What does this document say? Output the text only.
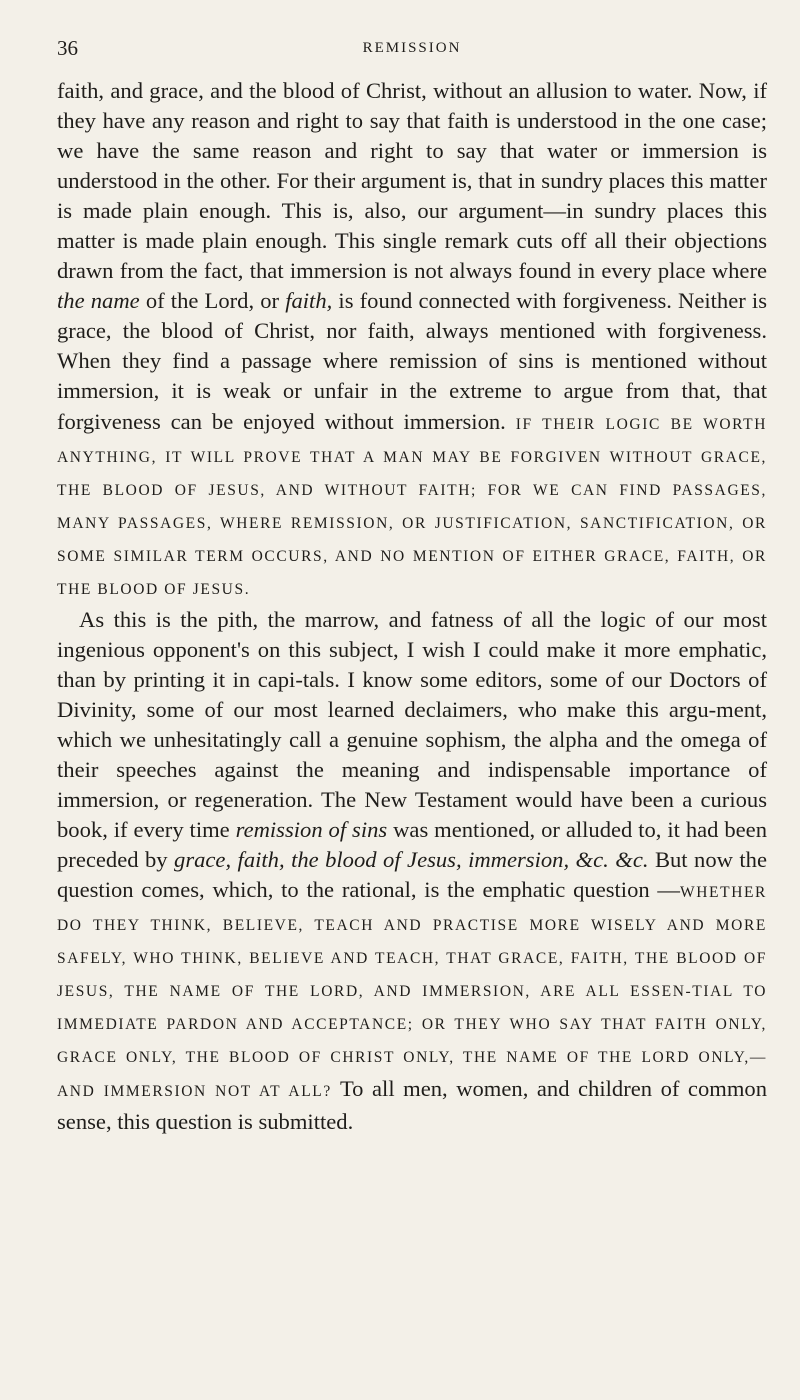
36	REMISSION

faith, and grace, and the blood of Christ, without an allusion to water. Now, if they have any reason and right to say that faith is understood in the one case; we have the same reason and right to say that water or immersion is understood in the other. For their argument is, that in sundry places this matter is made plain enough. This is, also, our argument—in sundry places this matter is made plain enough. This single remark cuts off all their objections drawn from the fact, that immersion is not always found in every place where the name of the Lord, or faith, is found connected with forgiveness. Neither is grace, the blood of Christ, nor faith, always mentioned with forgiveness. When they find a passage where remission of sins is mentioned without immersion, it is weak or unfair in the extreme to argue from that, that forgiveness can be enjoyed without immersion. IF THEIR LOGIC BE WORTH ANYTHING, IT WILL PROVE THAT A MAN MAY BE FORGIVEN WITHOUT GRACE, THE BLOOD OF JESUS, AND WITHOUT FAITH; FOR WE CAN FIND PASSAGES, MANY PASSAGES, WHERE REMISSION, OR JUSTIFICATION, SANCTIFICATION, OR SOME SIMILAR TERM OCCURS, AND NO MENTION OF EITHER GRACE, FAITH, OR THE BLOOD OF JESUS.

As this is the pith, the marrow, and fatness of all the logic of our most ingenious opponent's on this subject, I wish I could make it more emphatic, than by printing it in capi-tals. I know some editors, some of our Doctors of Divinity, some of our most learned declaimers, who make this argu-ment, which we unhesitatingly call a genuine sophism, the alpha and the omega of their speeches against the meaning and indispensable importance of immersion, or regeneration. The New Testament would have been a curious book, if every time remission of sins was mentioned, or alluded to, it had been preceded by grace, faith, the blood of Jesus, immersion, &c. &c. But now the question comes, which, to the rational, is the emphatic question —WHETHER DO THEY THINK, BELIEVE, TEACH AND PRACTISE MORE WISELY AND MORE SAFELY, WHO THINK, BELIEVE AND TEACH, THAT GRACE, FAITH, THE BLOOD OF JESUS, THE NAME OF THE LORD, AND IMMERSION, ARE ALL ESSEN-TIAL TO IMMEDIATE PARDON AND ACCEPTANCE; OR THEY WHO SAY THAT FAITH ONLY, GRACE ONLY, THE BLOOD OF CHRIST ONLY, THE NAME OF THE LORD ONLY,—AND IMMERSION NOT AT ALL? To all men, women, and children of common sense, this question is submitted.
